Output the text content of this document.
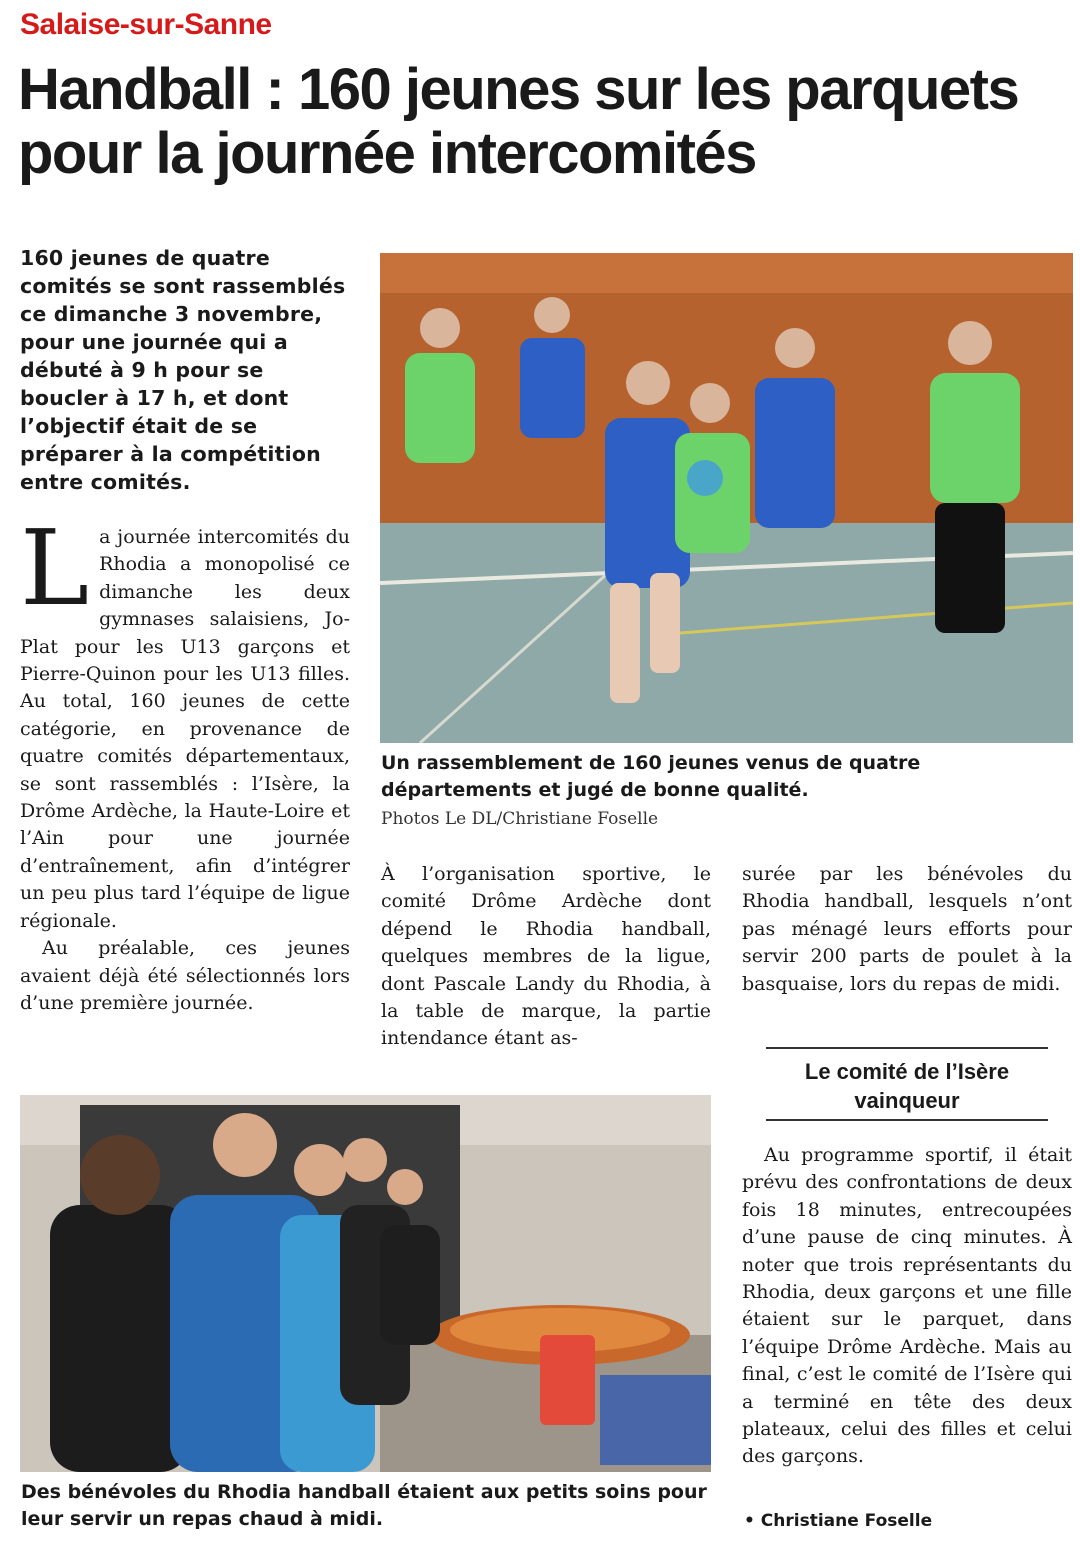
Salaise-sur-Sanne
Handball : 160 jeunes sur les parquets pour la journée intercomités
160 jeunes de quatre comités se sont rassemblés ce dimanche 3 novembre, pour une journée qui a débuté à 9 h pour se boucler à 17 h, et dont l’objectif était de se préparer à la compétition entre comités.

La journée intercomités du Rhodia a monopolisé ce dimanche les deux gymnases salaisiens, Jo-Plat pour les U13 garçons et Pierre-Quinon pour les U13 filles. Au total, 160 jeunes de cette catégorie, en provenance de quatre comités départementaux, se sont rassemblés : l’Isère, la Drôme Ardèche, la Haute-Loire et l’Ain pour une journée d’entraînement, afin d’intégrer un peu plus tard l’équipe de ligue régionale.

Au préalable, ces jeunes avaient déjà été sélectionnés lors d’une première journée.

Un rassemblement de 160 jeunes venus de quatre départements et jugé de bonne qualité.
Photos Le DL/Christiane Foselle

À l’organisation sportive, le comité Drôme Ardèche dont dépend le Rhodia handball, quelques membres de la ligue, dont Pascale Landy du Rhodia, à la table de marque, la partie intendance étant as-

surée par les bénévoles du Rhodia handball, lesquels n’ont pas ménagé leurs efforts pour servir 200 parts de poulet à la basquaise, lors du repas de midi.

Le comité de l’Isère vainqueur

Au programme sportif, il était prévu des confrontations de deux fois 18 minutes, entrecoupées d’une pause de cinq minutes. À noter que trois représentants du Rhodia, deux garçons et une fille étaient sur le parquet, dans l’équipe Drôme Ardèche. Mais au final, c’est le comité de l’Isère qui a terminé en tête des deux plateaux, celui des filles et celui des garçons.

• Christiane Foselle
Des bénévoles du Rhodia handball étaient aux petits soins pour leur servir un repas chaud à midi.
